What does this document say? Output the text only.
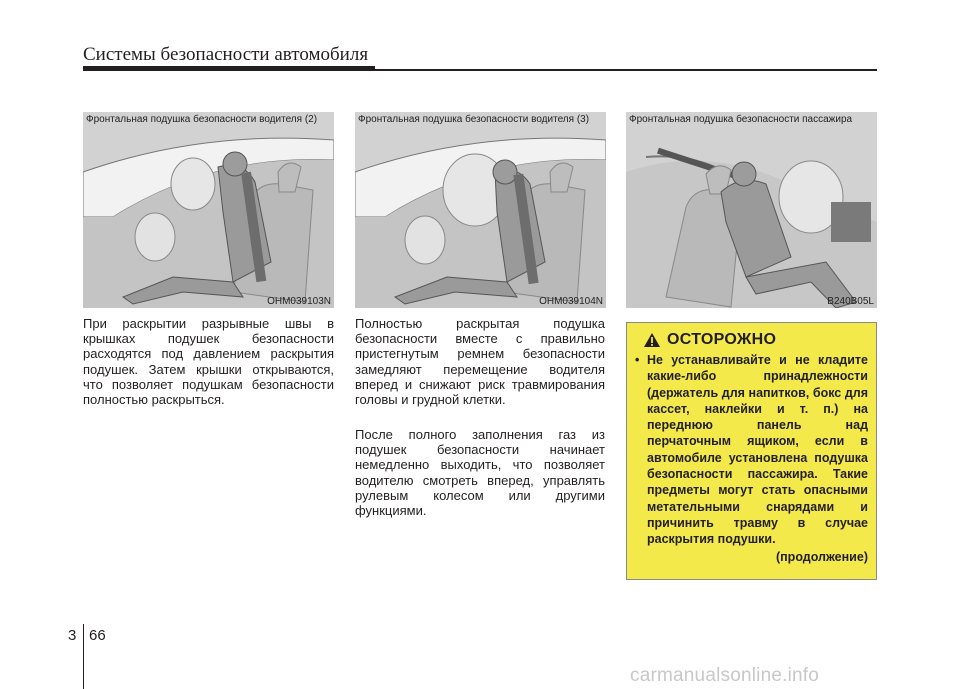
Системы безопасности автомобиля
Фронтальная подушка безопасности водителя (2)
OHM039103N
Фронтальная подушка безопасности водителя (3)
OHM039104N
Фронтальная подушка безопасности пассажира
B240B05L
При раскрытии разрывные швы в крышках подушек безопасности расходятся под давлением раскрытия подушек. Затем крышки открываются, что позволяет подушкам безопасности полностью раскрыться.
Полностью раскрытая подушка безопасности вместе с правильно пристегнутым ремнем безопасности замедляют перемещение водителя вперед и снижают риск травмирования головы и грудной клетки.
После полного заполнения газ из подушек безопасности начинает немедленно выходить, что позволяет водителю смотреть вперед, управлять рулевым колесом или другими функциями.
ОСТОРОЖНО
• Не устанавливайте и не кладите какие-либо принадлежности (держатель для напитков, бокс для кассет, наклейки и т. п.) на переднюю панель над перчаточным ящиком, если в автомобиле установлена подушка безопасности пассажира. Такие предметы могут стать опасными метательными снарядами и причинить травму в случае раскрытия подушки.
(продолжение)
3 66
carmanualsonline.info
